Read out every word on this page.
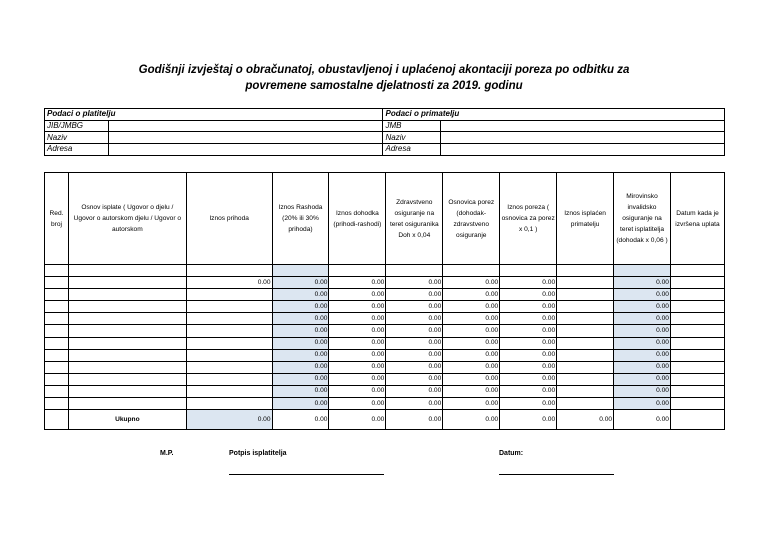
Godišnji izvještaj o obračunatoj, obustavljenoj i uplaćenoj akontaciji poreza po odbitku za
povremene samostalne djelatnosti za 2019. godinu
Podaci o platitelju		Podaci o primatelju	
JIB/JMBG		JMB	
Naziv		Naziv	
Adresa		Adresa	
Red. broj	Osnov isplate ( Ugovor o djelu / Ugovor o autorskom djelu / Ugovor o autorskom	Iznos prihoda	Iznos Rashoda (20% ili 30% prihoda)	Iznos dohodka (prihodi-rashodi)	Zdravstveno osiguranje na teret osiguranika Doh x 0,04	Osnovica porez (dohodak-zdravstveno osiguranje	Iznos poreza ( osnovica za porez x 0,1 )	Iznos isplaćen primatelju	Mirovinsko invalidsko osiguranje na teret isplatitelja (dohodak x 0,06 )	Datum kada je izvršena uplata

		0.00	0.00	0.00	0.00	0.00	0.00		0.00	
			0.00	0.00	0.00	0.00	0.00		0.00	
			0.00	0.00	0.00	0.00	0.00		0.00	
			0.00	0.00	0.00	0.00	0.00		0.00	
			0.00	0.00	0.00	0.00	0.00		0.00	
			0.00	0.00	0.00	0.00	0.00		0.00	
			0.00	0.00	0.00	0.00	0.00		0.00	
			0.00	0.00	0.00	0.00	0.00		0.00	
			0.00	0.00	0.00	0.00	0.00		0.00	
			0.00	0.00	0.00	0.00	0.00		0.00	
			0.00	0.00	0.00	0.00	0.00		0.00	
	Ukupno	0.00	0.00	0.00	0.00	0.00	0.00	0.00	0.00	
M.P.	Potpis isplatitelja	Datum:
